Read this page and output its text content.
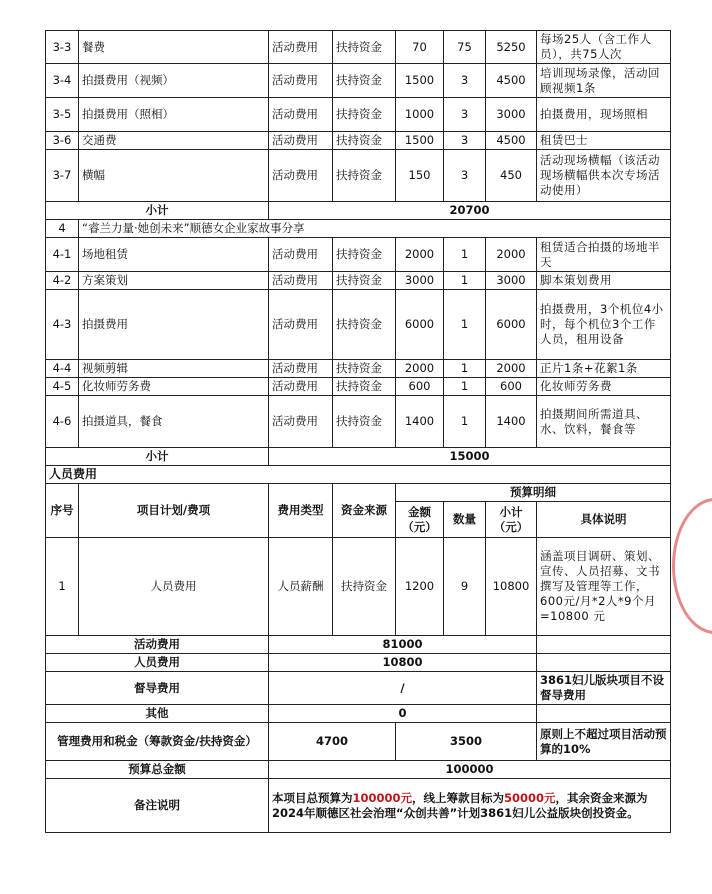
3-3	餐费	活动费用	扶持资金	70	75	5250	每场25人（含工作人员），共75人次
3-4	拍摄费用（视频）	活动费用	扶持资金	1500	3	4500	培训现场录像，活动回顾视频1条
3-5	拍摄费用（照相）	活动费用	扶持资金	1000	3	3000	拍摄费用，现场照相
3-6	交通费	活动费用	扶持资金	1500	3	4500	租赁巴士
3-7	横幅	活动费用	扶持资金	150	3	450	活动现场横幅（该活动现场横幅供本次专场活动使用）
小计		20700					
4	“睿兰力量·她创未来”顺德女企业家故事分享						
4-1	场地租赁	活动费用	扶持资金	2000	1	2000	租赁适合拍摄的场地半天
4-2	方案策划	活动费用	扶持资金	3000	1	3000	脚本策划费用
4-3	拍摄费用	活动费用	扶持资金	6000	1	6000	拍摄费用，3个机位4小时，每个机位3个工作人员，租用设备
4-4	视频剪辑	活动费用	扶持资金	2000	1	2000	正片1条+花絮1条
4-5	化妆师劳务费	活动费用	扶持资金	600	1	600	化妆师劳务费
4-6	拍摄道具，餐食	活动费用	扶持资金	1400	1	1400	拍摄期间所需道具、水、饮料，餐食等
小计		15000					
人员费用							
序号	项目计划/费项	费用类型	资金来源	预算明细			
				金额（元）	数量	小计（元）	具体说明
1	人员费用	人员薪酬	扶持资金	1200	9	10800	涵盖项目调研、策划、宣传、人员招募、文书撰写及管理等工作，600元/月*2人*9个月=10800 元
活动费用		81000					
人员费用		10800					
督导费用		/					3861妇儿版块项目不设督导费用
其他		0					
管理费用和税金（筹款资金/扶持资金）		4700		3500			原则上不超过项目活动预算的10%
预算总金额		100000					
备注说明		本项目总预算为100000元，线上筹款目标为50000元，其余资金来源为2024年顺德区社会治理“众创共善”计划3861妇儿公益版块创投资金。					
